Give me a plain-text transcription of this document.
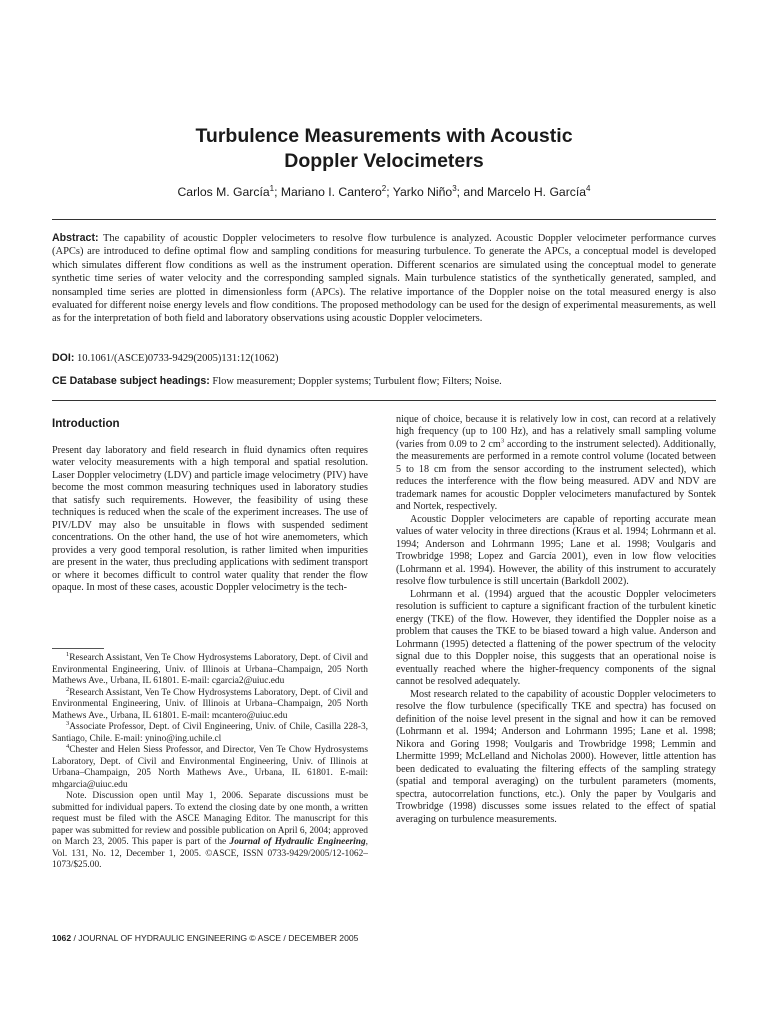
Turbulence Measurements with Acoustic
Doppler Velocimeters
Carlos M. García$^1$; Mariano I. Cantero$^2$; Yarko Niño$^3$; and Marcelo H. García$^4$
Abstract: The capability of acoustic Doppler velocimeters to resolve flow turbulence is analyzed. Acoustic Doppler velocimeter performance curves (APCs) are introduced to define optimal flow and sampling conditions for measuring turbulence. To generate the APCs, a conceptual model is developed which simulates different flow conditions as well as the instrument operation. Different scenarios are simulated using the conceptual model to generate synthetic time series of water velocity and the corresponding sampled signals. Main turbulence statistics of the synthetically generated, sampled, and nonsampled time series are plotted in dimensionless form (APCs). The relative importance of the Doppler noise on the total measured energy is also evaluated for different noise energy levels and flow conditions. The proposed methodology can be used for the design of experimental measurements, as well as for the interpretation of both field and laboratory observations using acoustic Doppler velocimeters.
DOI: 10.1061/(ASCE)0733-9429(2005)131:12(1062)
CE Database subject headings: Flow measurement; Doppler systems; Turbulent flow; Filters; Noise.
Introduction

Present day laboratory and field research in fluid dynamics often requires water velocity measurements with a high temporal and spatial resolution. Laser Doppler velocimetry (LDV) and particle image velocimetry (PIV) have become the most common measuring techniques used in laboratory studies that satisfy such requirements. However, the feasibility of using these techniques is reduced when the scale of the experiment increases. The use of PIV/LDV may also be unsuitable in flows with suspended sediment concentrations. On the other hand, the use of hot wire anemometers, which provides a very good temporal resolution, is rather limited when impurities are present in the water, thus precluding applications with sediment transport or where it becomes difficult to control water quality that render the flow opaque. In most of these cases, acoustic Doppler velocimetry is the tech-

$^1$Research Assistant, Ven Te Chow Hydrosystems Laboratory, Dept. of Civil and Environmental Engineering, Univ. of Illinois at Urbana–Champaign, 205 North Mathews Ave., Urbana, IL 61801. E-mail: cgarcia2@uiuc.edu

$^2$Research Assistant, Ven Te Chow Hydrosystems Laboratory, Dept. of Civil and Environmental Engineering, Univ. of Illinois at Urbana–Champaign, 205 North Mathews Ave., Urbana, IL 61801. E-mail: mcantero@uiuc.edu

$^3$Associate Professor, Dept. of Civil Engineering, Univ. of Chile, Casilla 228-3, Santiago, Chile. E-mail: ynino@ing.uchile.cl

$^4$Chester and Helen Siess Professor, and Director, Ven Te Chow Hydrosystems Laboratory, Dept. of Civil and Environmental Engineering, Univ. of Illinois at Urbana–Champaign, 205 North Mathews Ave., Urbana, IL 61801. E-mail: mhgarcia@uiuc.edu

Note. Discussion open until May 1, 2006. Separate discussions must be submitted for individual papers. To extend the closing date by one month, a written request must be filed with the ASCE Managing Editor. The manuscript for this paper was submitted for review and possible publication on April 6, 2004; approved on March 23, 2005. This paper is part of the Journal of Hydraulic Engineering, Vol. 131, No. 12, December 1, 2005. ©ASCE, ISSN 0733-9429/2005/12-1062–1073/$25.00.

nique of choice, because it is relatively low in cost, can record at a relatively high frequency (up to 100 Hz), and has a relatively small sampling volume (varies from 0.09 to 2 $cm^3$ according to the instrument selected). Additionally, the measurements are performed in a remote control volume (located between 5 to 18 cm from the sensor according to the instrument selected), which reduces the interference with the flow being measured. ADV and NDV are trademark names for acoustic Doppler velocimeters manufactured by Sontek and Nortek, respectively.

Acoustic Doppler velocimeters are capable of reporting accurate mean values of water velocity in three directions (Kraus et al. 1994; Lohrmann et al. 1994; Anderson and Lohrmann 1995; Lane et al. 1998; Voulgaris and Trowbridge 1998; Lopez and García 2001), even in low flow velocities (Lohrmann et al. 1994). However, the ability of this instrument to accurately resolve flow turbulence is still uncertain (Barkdoll 2002).

Lohrmann et al. (1994) argued that the acoustic Doppler velocimeters resolution is sufficient to capture a significant fraction of the turbulent kinetic energy (TKE) of the flow. However, they identified the Doppler noise as a problem that causes the TKE to be biased toward a high value. Anderson and Lohrmann (1995) detected a flattening of the power spectrum of the velocity signal due to this Doppler noise, this suggests that an operational noise is eventually reached where the higher-frequency components of the signal cannot be resolved adequately.

Most research related to the capability of acoustic Doppler velocimeters to resolve the flow turbulence (specifically TKE and spectra) has focused on definition of the noise level present in the signal and how it can be removed (Lohrmann et al. 1994; Anderson and Lohrmann 1995; Lane et al. 1998; Nikora and Goring 1998; Voulgaris and Trowbridge 1998; Lemmin and Lhermitte 1999; McLelland and Nicholas 2000). However, little attention has been dedicated to evaluating the filtering effects of the sampling strategy (spatial and temporal averaging) on the turbulent parameters (moments, spectra, autocorrelation functions, etc.). Only the paper by Voulgaris and Trowbridge (1998) discusses some issues related to the effect of spatial averaging on turbulence measurements.

1062 / JOURNAL OF HYDRAULIC ENGINEERING © ASCE / DECEMBER 2005
